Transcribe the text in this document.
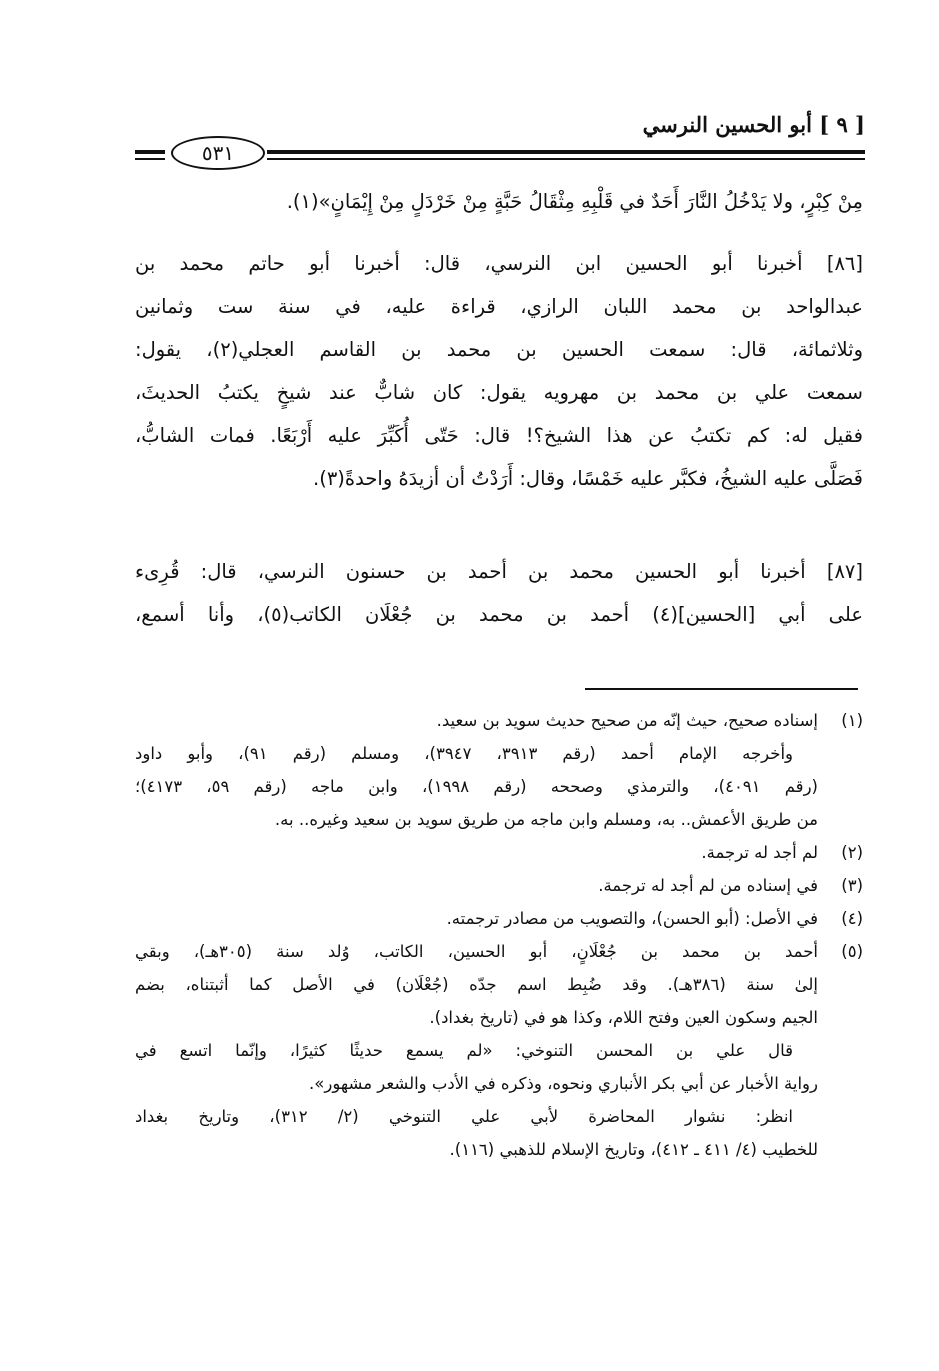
[ ٩ ] أبو الحسين النرسي
٥٣١
مِنْ كِبْرٍ، ولا يَدْخُلُ النَّارَ أَحَدٌ في قَلْبِهِ مِثْقَالُ حَبَّةٍ مِنْ خَرْدَلٍ مِنْ إِيْمَانٍ»(١).
[٨٦] أخبرنا أبو الحسين ابن النرسي، قال: أخبرنا أبو حاتم محمد بن
عبدالواحد بن محمد اللبان الرازي، قراءة عليه، في سنة ست وثمانين
وثلاثمائة، قال: سمعت الحسين بن محمد بن القاسم العجلي(٢)، يقول:
سمعت علي بن محمد بن مهرويه يقول: كان شابٌّ عند شيخٍ يكتبُ الحديثَ،
فقيل له: كم تكتبُ عن هذا الشيخ؟! قال: حَتّى أُكَبِّرَ عليه أَرْبَعًا. فمات الشابُّ،
فَصَلَّى عليه الشيخُ، فكبَّر عليه خَمْسًا، وقال: أَرَدْتُ أن أزيدَهُ واحدةً(٣).
[٨٧] أخبرنا أبو الحسين محمد بن أحمد بن حسنون النرسي، قال: قُرِىء
على أبي [الحسين](٤) أحمد بن محمد بن جُعْلَان الكاتب(٥)، وأنا أسمع،
(١)
إسناده صحيح، حيث إنّه من صحيح حديث سويد بن سعيد.
وأخرجه الإمام أحمد (رقم ٣٩١٣، ٣٩٤٧)، ومسلم (رقم ٩١)، وأبو داود
(رقم ٤٠٩١)، والترمذي وصححه (رقم ١٩٩٨)، وابن ماجه (رقم ٥٩، ٤١٧٣)؛
من طريق الأعمش.. به، ومسلم وابن ماجه من طريق سويد بن سعيد وغيره.. به.
(٢)
لم أجد له ترجمة.
(٣)
في إسناده من لم أجد له ترجمة.
(٤)
في الأصل: (أبو الحسن)، والتصويب من مصادر ترجمته.
(٥)
أحمد بن محمد بن جُعْلَانٍ، أبو الحسين، الكاتب، وُلد سنة (٣٠٥هـ)، وبقي
إلىٰ سنة (٣٨٦هـ). وقد ضُبِط اسم جدّه (جُعْلَان) في الأصل كما أثبتناه، بضم
الجيم وسكون العين وفتح اللام، وكذا هو في (تاريخ بغداد).
قال علي بن المحسن التنوخي: «لم يسمع حديثًا كثيرًا، وإنّما اتسع في
رواية الأخبار عن أبي بكر الأنباري ونحوه، وذكره في الأدب والشعر مشهور».
انظر: نشوار المحاضرة لأبي علي التنوخي (٢/ ٣١٢)، وتاريخ بغداد
للخطيب (٤/ ٤١١ ـ ٤١٢)، وتاريخ الإسلام للذهبي (١١٦).
